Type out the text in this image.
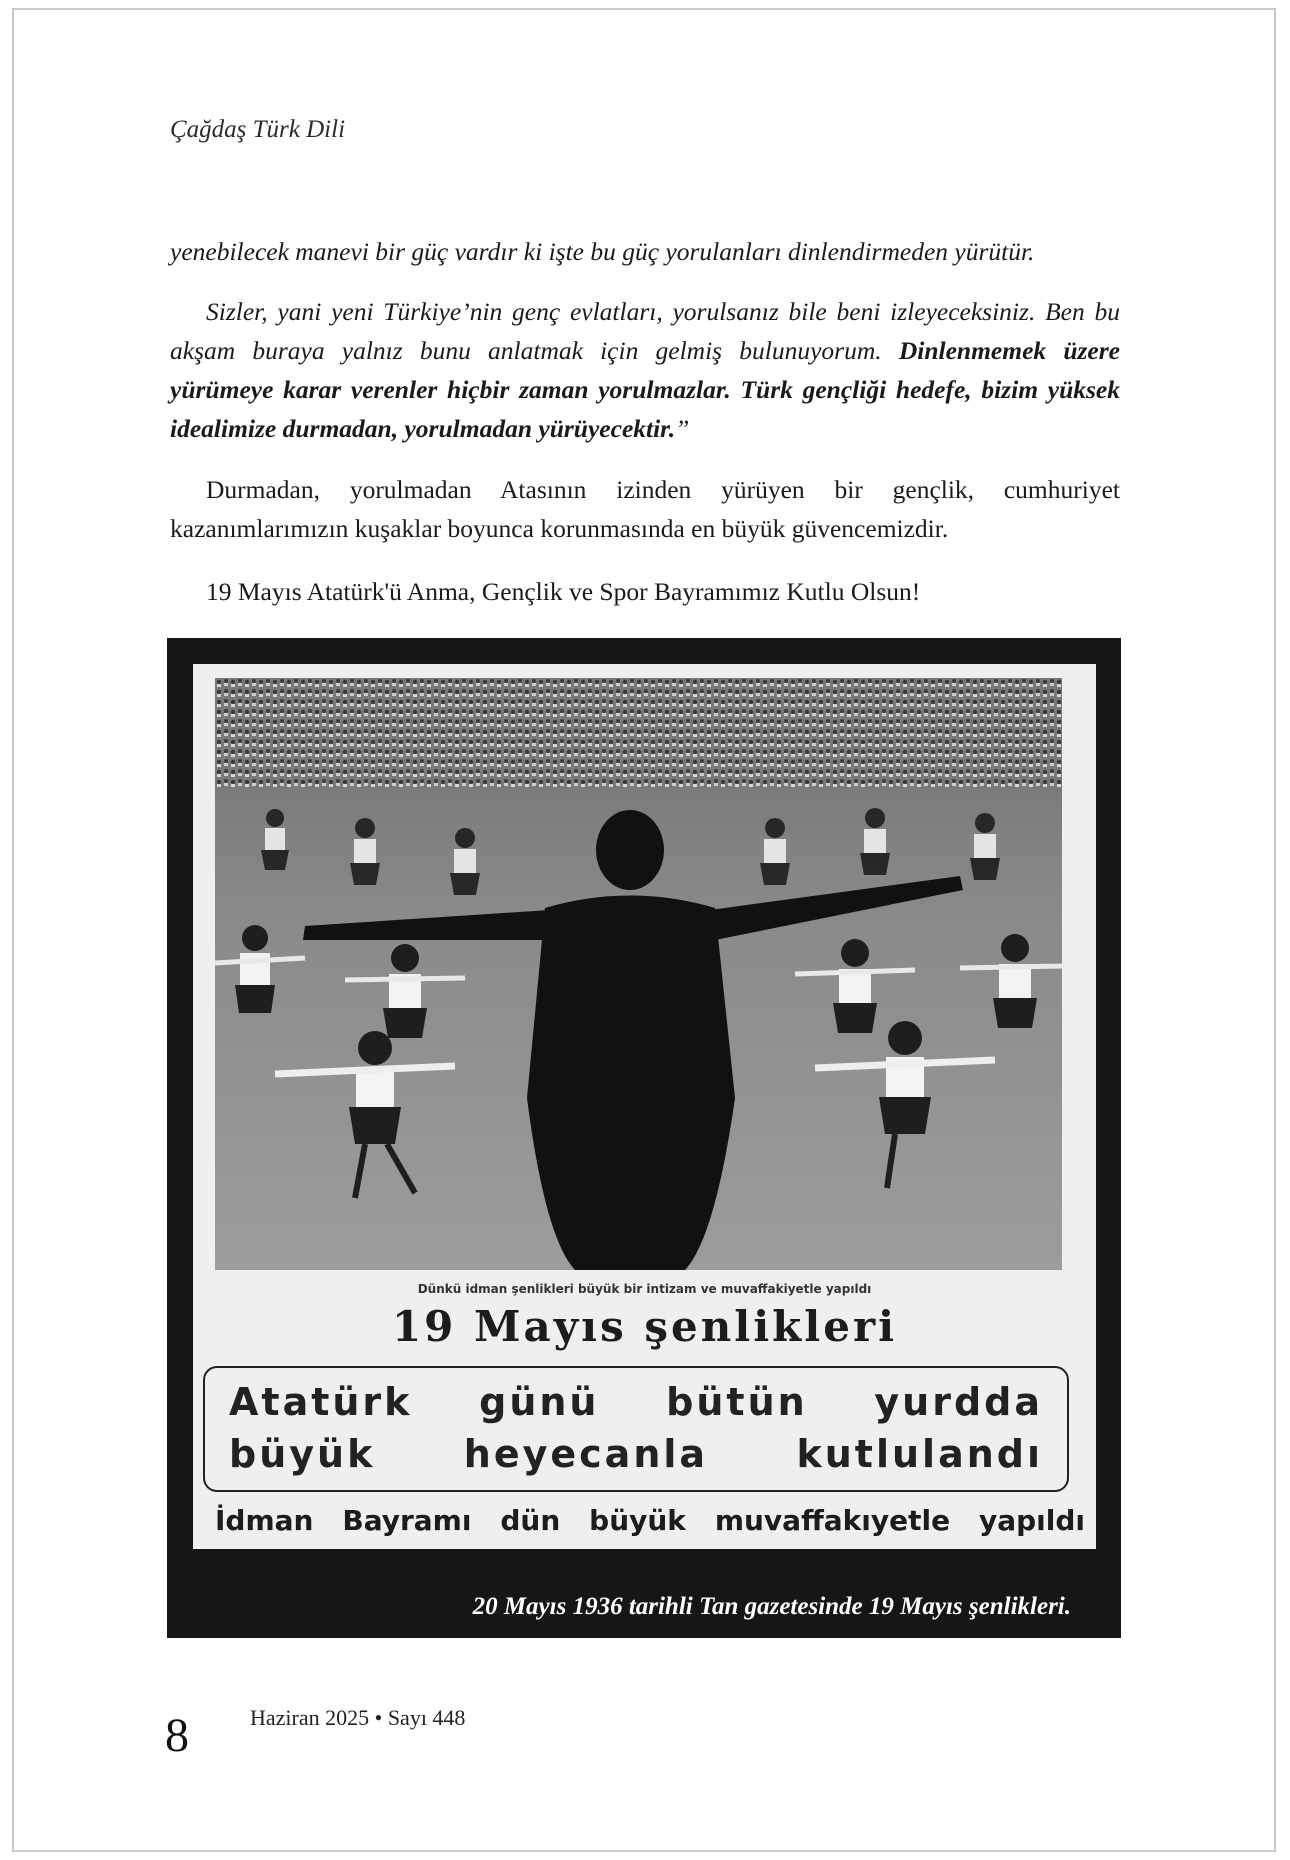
Çağdaş Türk Dili

yenebilecek manevi bir güç vardır ki işte bu güç yorulanları dinlendirmeden yürütür.

Sizler, yani yeni Türkiye’nin genç evlatları, yorulsanız bile beni izleyeceksiniz. Ben bu akşam buraya yalnız bunu anlatmak için gelmiş bulunuyorum. Dinlenmemek üzere yürümeye karar verenler hiçbir zaman yorulmazlar. Türk gençliği hedefe, bizim yüksek idealimize durmadan, yorulmadan yürüyecektir.”

Durmadan, yorulmadan Atasının izinden yürüyen bir gençlik, cumhuriyet kazanımlarımızın kuşaklar boyunca korunmasında en büyük güvencemizdir.

19 Mayıs Atatürk'ü Anma, Gençlik ve Spor Bayramımız Kutlu Olsun!

Dünkü idman şenlikleri büyük bir intizam ve muvaffakiyetle yapıldı
19 Mayıs şenlikleri
Atatürk günü bütün yurdda
büyük heyecanla kutlulandı
İdman Bayramı dün büyük muvaffakıyetle yapıldı
20 Mayıs 1936 tarihli Tan gazetesinde 19 Mayıs şenlikleri.
8	Haziran 2025 • Sayı 448
